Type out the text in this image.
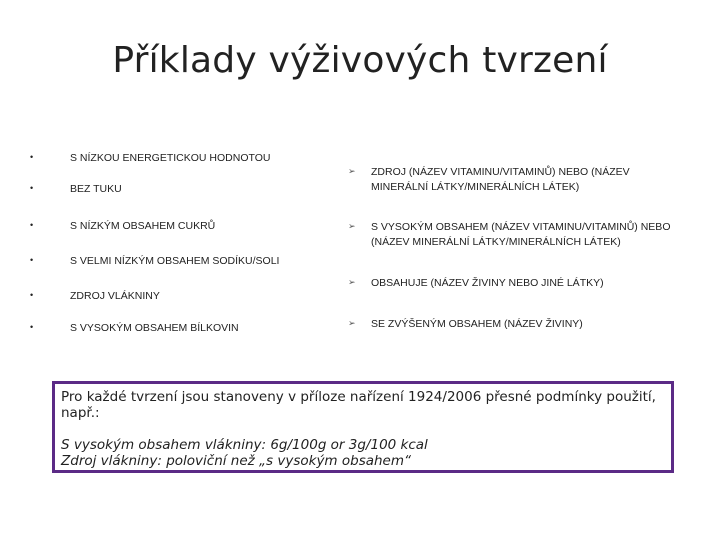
Příklady výživových tvrzení
•	S NÍZKOU ENERGETICKOU HODNOTOU
•	BEZ TUKU
•	S NÍZKÝM OBSAHEM CUKRŮ
•	S VELMI NÍZKÝM OBSAHEM SODÍKU/SOLI
•	ZDROJ VLÁKNINY
•	S VYSOKÝM OBSAHEM BÍLKOVIN
➢ ZDROJ (NÁZEV VITAMINU/VITAMINŮ) NEBO (NÁZEV MINERÁLNÍ LÁTKY/MINERÁLNÍCH LÁTEK)
➢ S VYSOKÝM OBSAHEM (NÁZEV VITAMINU/VITAMINŮ) NEBO (NÁZEV MINERÁLNÍ LÁTKY/MINERÁLNÍCH LÁTEK)
➢ OBSAHUJE (NÁZEV ŽIVINY NEBO JINÉ LÁTKY)
➢ SE ZVÝŠENÝM OBSAHEM (NÁZEV ŽIVINY)

Pro každé tvrzení jsou stanoveny v příloze nařízení 1924/2006 přesné podmínky použití, např.:

S vysokým obsahem vlákniny: 6g/100g or 3g/100 kcal

Zdroj vlákniny: poloviční než „s vysokým obsahem“
